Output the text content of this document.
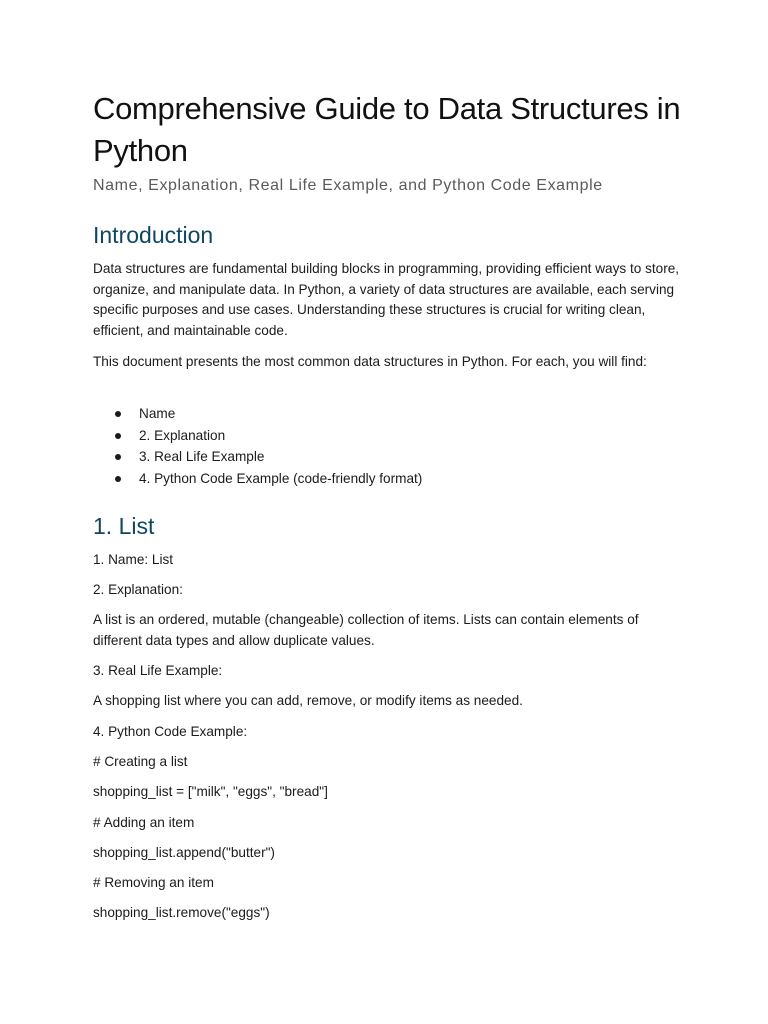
Comprehensive Guide to Data Structures in Python
Name, Explanation, Real Life Example, and Python Code Example
Introduction

Data structures are fundamental building blocks in programming, providing efficient ways to store, organize, and manipulate data. In Python, a variety of data structures are available, each serving specific purposes and use cases. Understanding these structures is crucial for writing clean, efficient, and maintainable code.

This document presents the most common data structures in Python. For each, you will find:

Name
2. Explanation
3. Real Life Example
4. Python Code Example (code-friendly format)
1. List

1. Name: List

2. Explanation:

A list is an ordered, mutable (changeable) collection of items. Lists can contain elements of different data types and allow duplicate values.

3. Real Life Example:

A shopping list where you can add, remove, or modify items as needed.

4. Python Code Example:

# Creating a list

shopping_list = ["milk", "eggs", "bread"]

# Adding an item

shopping_list.append("butter")

# Removing an item

shopping_list.remove("eggs")
